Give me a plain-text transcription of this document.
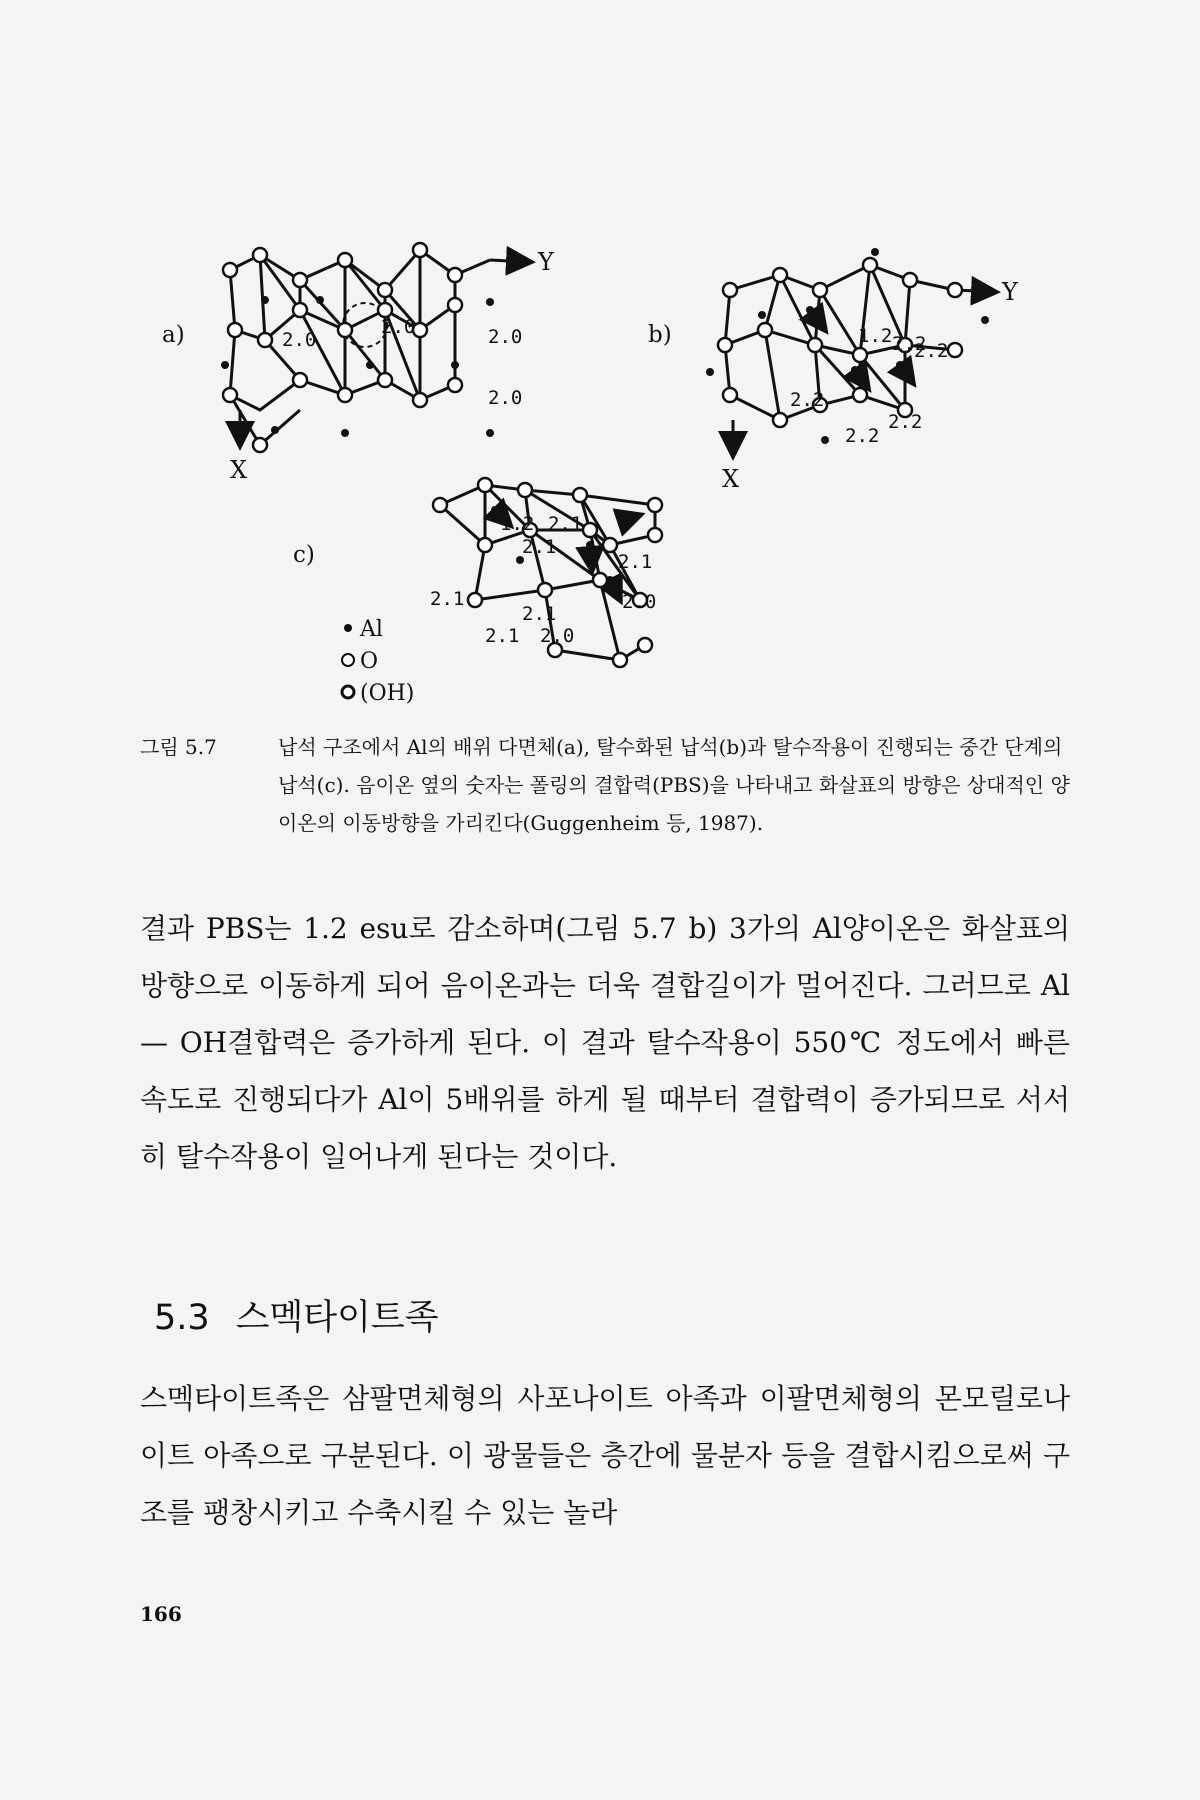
a)
Y
X
2.0
2.0	2.0
2.0
b)
Y
X
1.2 2.2
2.2
2.2
2.2
2.2
c)
1.2 2.1
2.1
2.1
2.1	2.0
2.1
2.1 2.0
Al
O
(OH)
그림 5.7	납석 구조에서 Al의 배위 다면체(a), 탈수화된 납석(b)과 탈수작용이 진행되는 중간 단계의 납석(c). 음이온 옆의 숫자는 폴링의 결합력(PBS)을 나타내고 화살표의 방향은 상대적인 양이온의 이동방향을 가리킨다(Guggenheim 등, 1987).
결과 PBS는 1.2 esu로 감소하며(그림 5.7 b) 3가의 Al양이온은 화살표의 방향으로 이동하게 되어 음이온과는 더욱 결합길이가 멀어진다. 그러므로 Al — OH결합력은 증가하게 된다. 이 결과 탈수작용이 550℃ 정도에서 빠른 속도로 진행되다가 Al이 5배위를 하게 될 때부터 결합력이 증가되므로 서서히 탈수작용이 일어나게 된다는 것이다.
5.3 스멕타이트족
스멕타이트족은 삼팔면체형의 사포나이트 아족과 이팔면체형의 몬모릴로나이트 아족으로 구분된다. 이 광물들은 층간에 물분자 등을 결합시킴으로써 구조를 팽창시키고 수축시킬 수 있는 놀라
166
